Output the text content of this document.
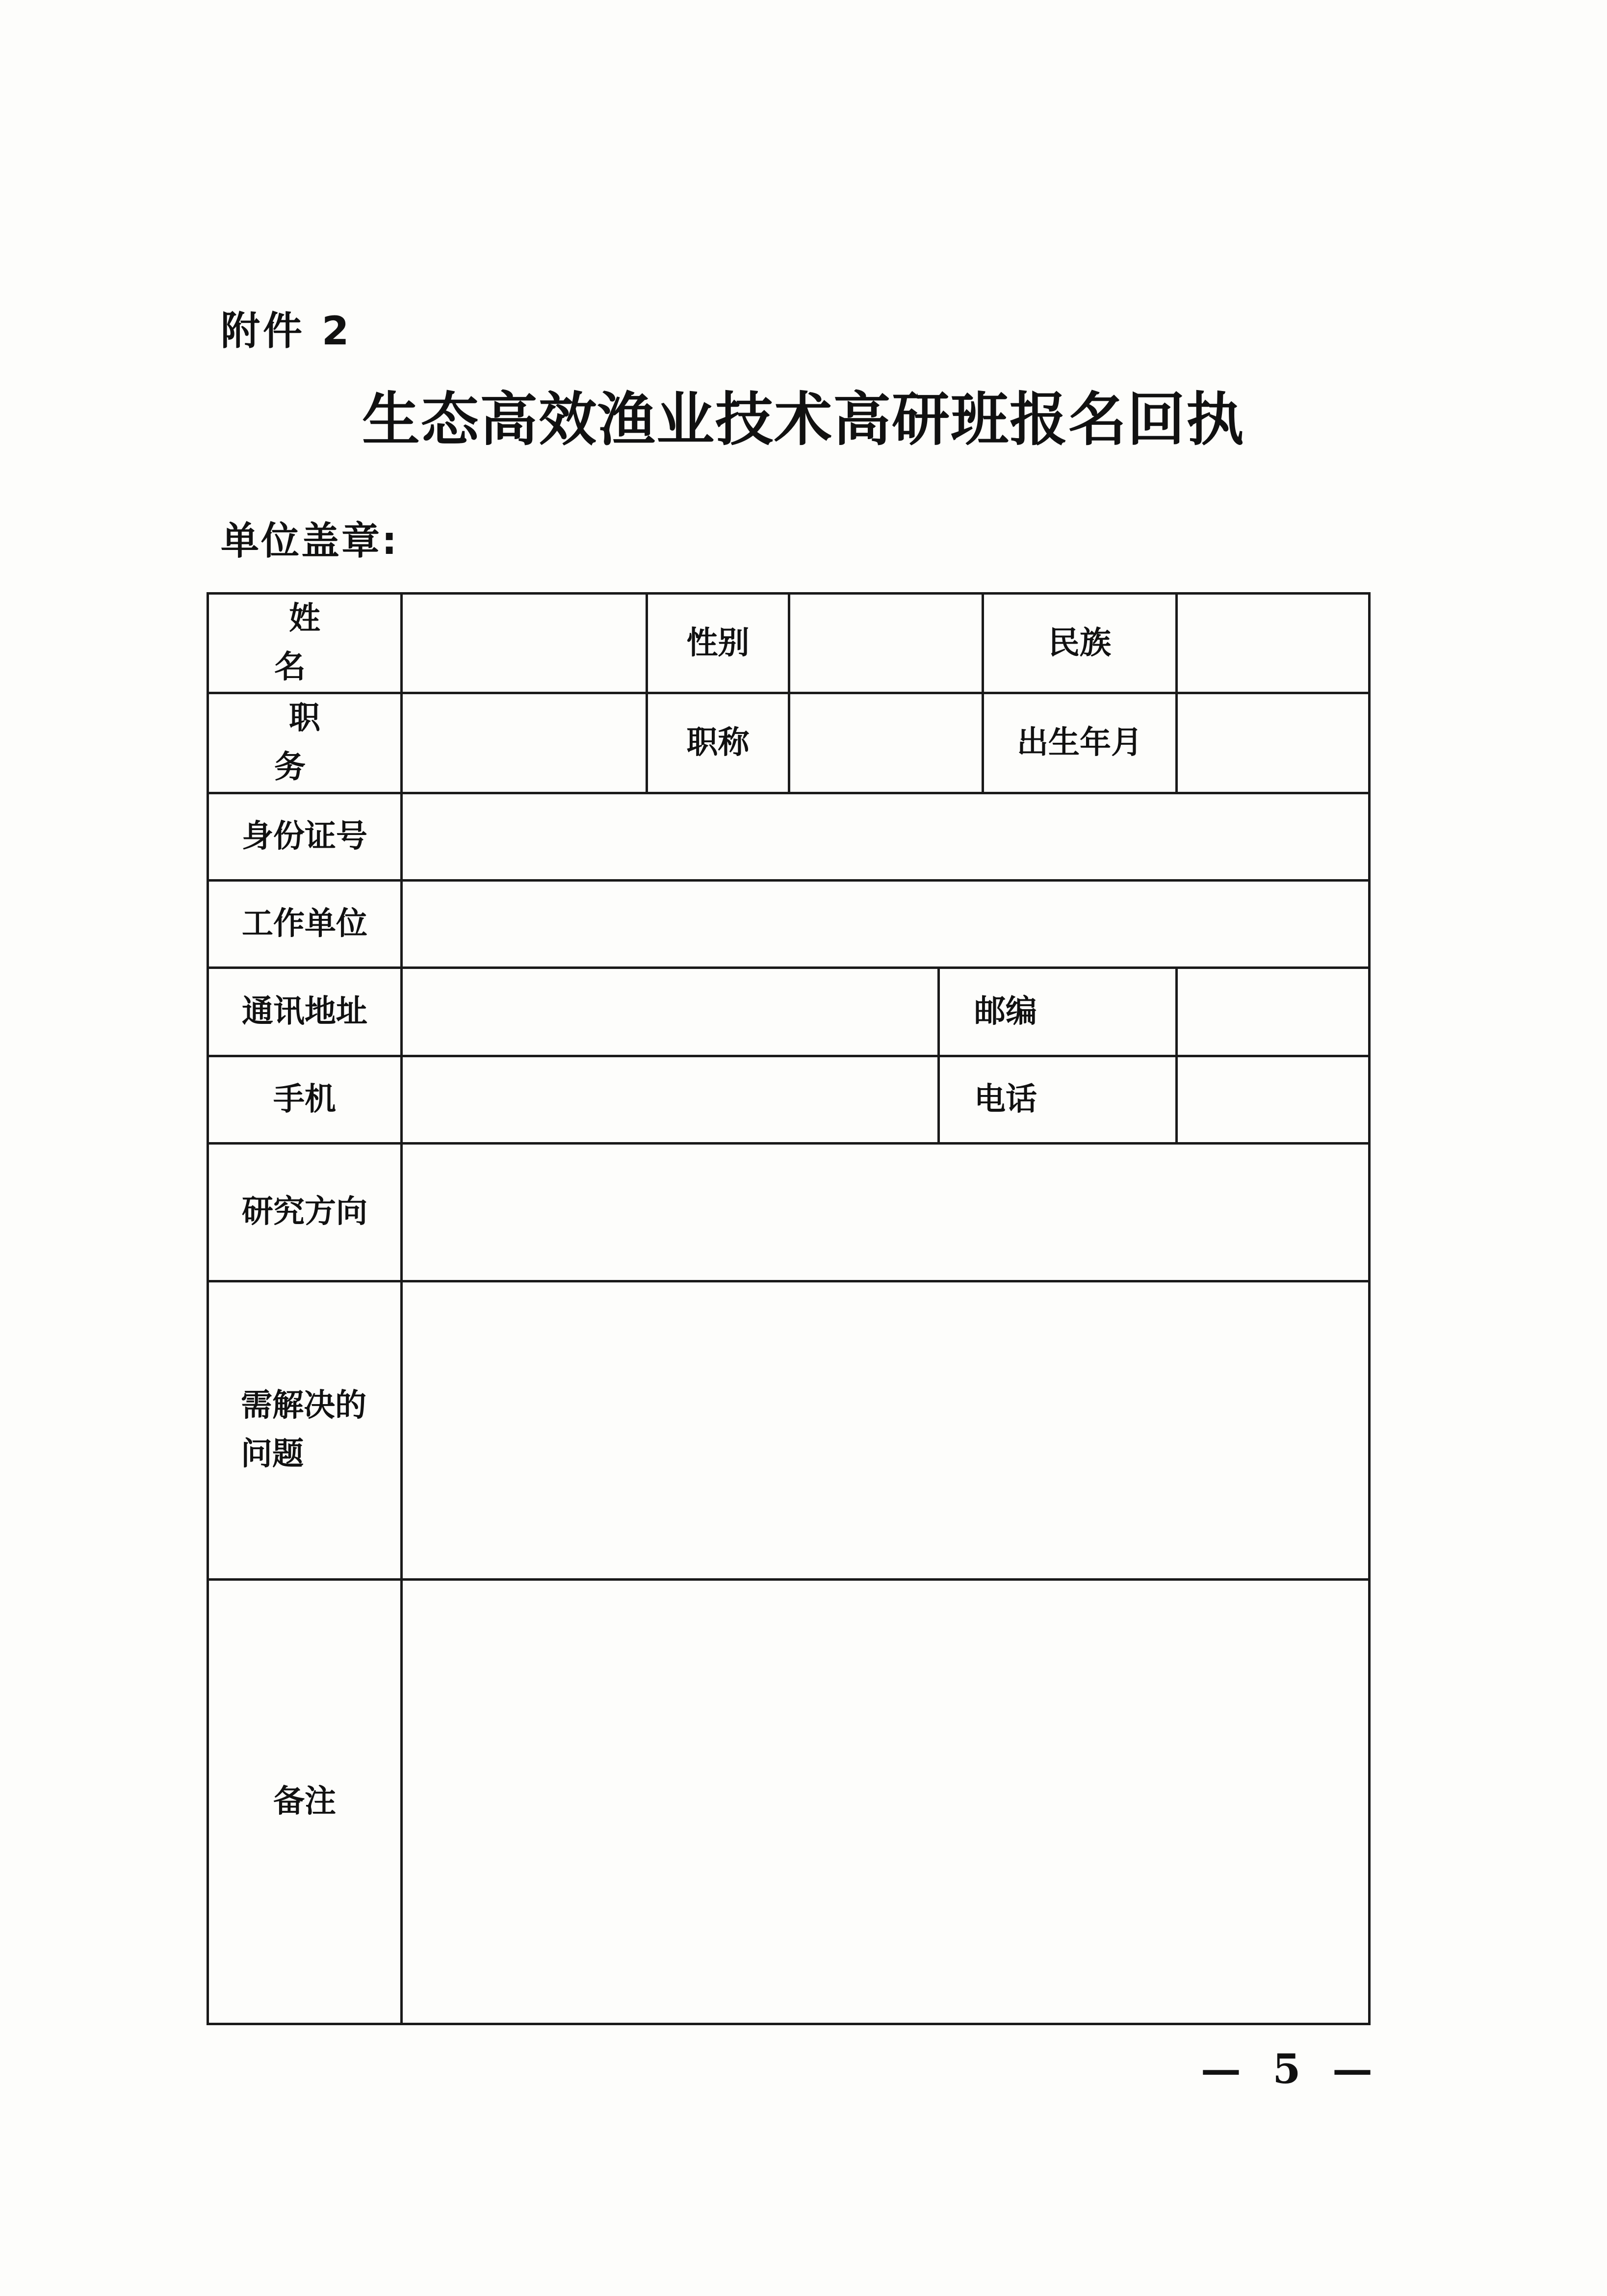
附件 2
生态高效渔业技术高研班报名回执
单位盖章:
姓 名		性别			民族	
职 务		职称			出生年月	
身份证号						
工作单位						
通讯地址				邮编		
手机				电话		
研究方向						

需解决的问题						

备注						
— 5 —
